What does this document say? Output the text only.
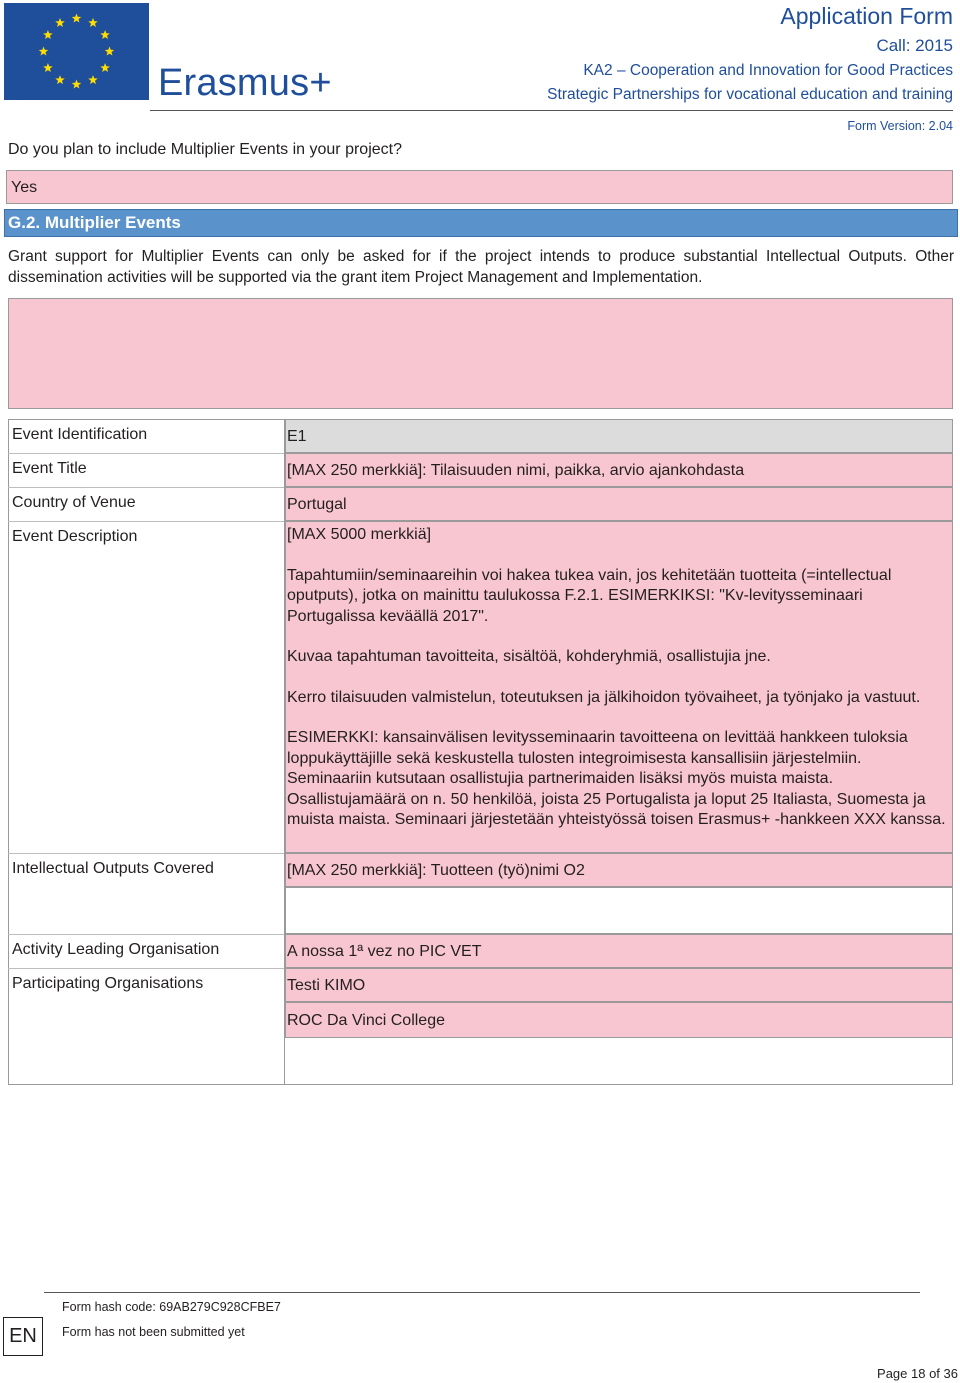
Erasmus+
Application Form
Call: 2015
KA2 – Cooperation and Innovation for Good Practices
Strategic Partnerships for vocational education and training
Form Version: 2.04
Do you plan to include Multiplier Events in your project?
Yes
G.2. Multiplier Events
Grant support for Multiplier Events can only be asked for if the project intends to produce substantial Intellectual Outputs. Other dissemination activities will be supported via the grant item Project Management and Implementation.
Event Identification
Event Title
Country of Venue
Event Description
Intellectual Outputs Covered
Activity Leading Organisation
Participating Organisations
E1
[MAX 250 merkkiä]: Tilaisuuden nimi, paikka, arvio ajankohdasta
Portugal
[MAX 5000 merkkiä]
Tapahtumiin/seminaareihin voi hakea tukea vain, jos kehitetään tuotteita (=intellectual oputputs), jotka on mainittu taulukossa F.2.1. ESIMERKIKSI: "Kv-levitysseminaari Portugalissa keväällä 2017".
Kuvaa tapahtuman tavoitteita, sisältöä, kohderyhmiä, osallistujia jne.
Kerro tilaisuuden valmistelun, toteutuksen ja jälkihoidon työvaiheet, ja työnjako ja vastuut.
ESIMERKKI: kansainvälisen levitysseminaarin tavoitteena on levittää hankkeen tuloksia loppukäyttäjille sekä keskustella tulosten integroimisesta kansallisiin järjestelmiin.
Seminaariin kutsutaan osallistujia partnerimaiden lisäksi myös muista maista.
Osallistujamäärä on n. 50 henkilöä, joista 25 Portugalista ja loput 25 Italiasta, Suomesta ja muista maista. Seminaari järjestetään yhteistyössä toisen Erasmus+ -hankkeen XXX kanssa.
[MAX 250 merkkiä]: Tuotteen (työ)nimi O2
A nossa 1ª vez no PIC VET
Testi KIMO
ROC Da Vinci College
EN
Form hash code: 69AB279C928CFBE7
Form has not been submitted yet
Page 18 of 36
